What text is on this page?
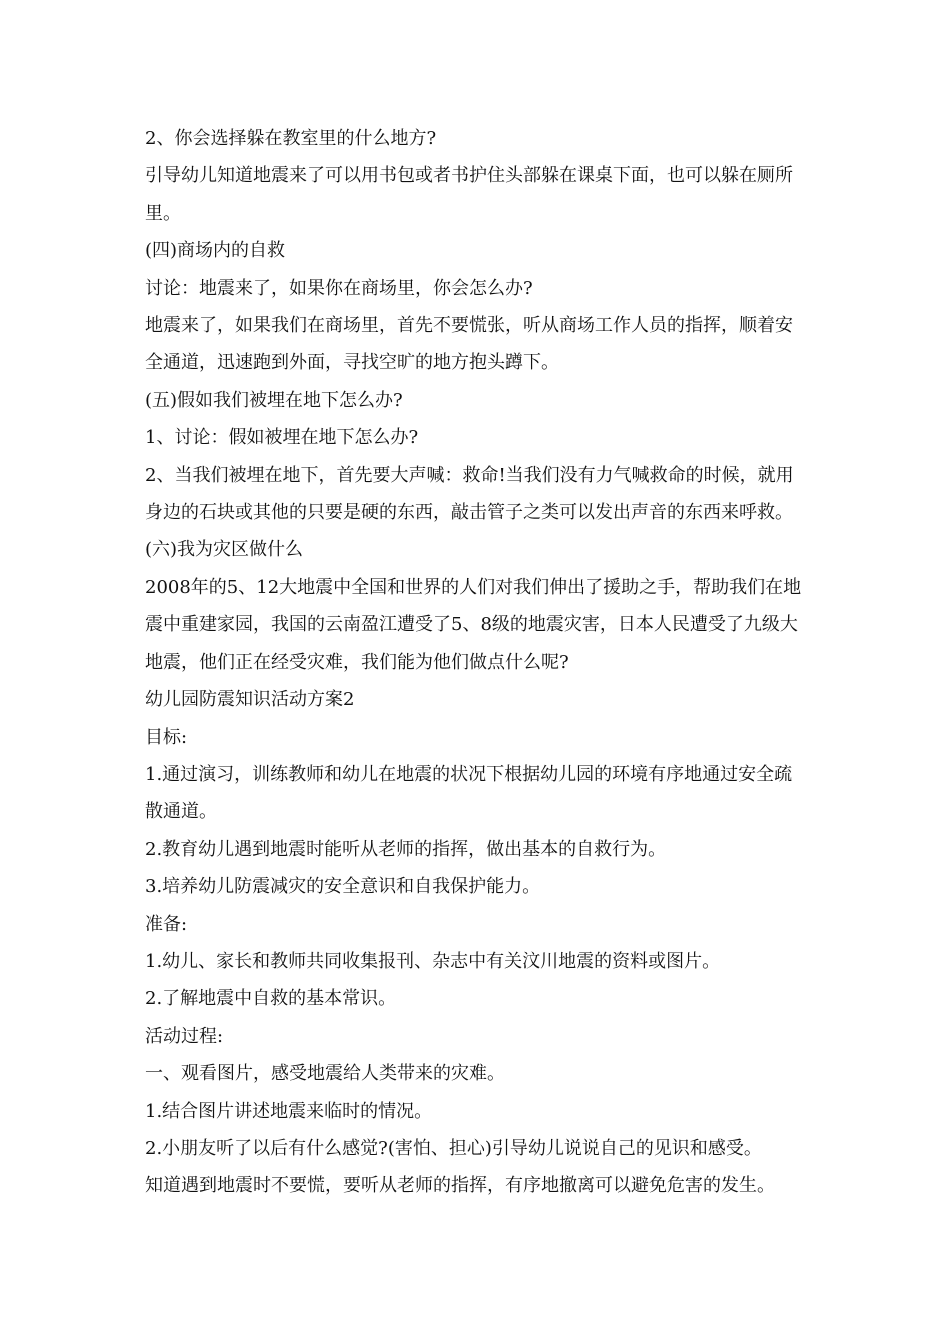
2、你会选择躲在教室里的什么地方?

引导幼儿知道地震来了可以用书包或者书护住头部躲在课桌下面，也可以躲在厕所里。

(四)商场内的自救

讨论：地震来了，如果你在商场里，你会怎么办?

地震来了，如果我们在商场里，首先不要慌张，听从商场工作人员的指挥，顺着安全通道，迅速跑到外面，寻找空旷的地方抱头蹲下。

(五)假如我们被埋在地下怎么办?

1、讨论：假如被埋在地下怎么办?

2、当我们被埋在地下，首先要大声喊：救命!当我们没有力气喊救命的时候，就用身边的石块或其他的只要是硬的东西，敲击管子之类可以发出声音的东西来呼救。

(六)我为灾区做什么

2008年的5、12大地震中全国和世界的人们对我们伸出了援助之手，帮助我们在地震中重建家园，我国的云南盈江遭受了5、8级的地震灾害，日本人民遭受了九级大地震，他们正在经受灾难，我们能为他们做点什么呢?

幼儿园防震知识活动方案2

目标:

1.通过演习，训练教师和幼儿在地震的状况下根据幼儿园的环境有序地通过安全疏散通道。

2.教育幼儿遇到地震时能听从老师的指挥，做出基本的自救行为。

3.培养幼儿防震减灾的安全意识和自我保护能力。

准备:

1.幼儿、家长和教师共同收集报刊、杂志中有关汶川地震的资料或图片。

2.了解地震中自救的基本常识。

活动过程:

一、观看图片，感受地震给人类带来的灾难。

1.结合图片讲述地震来临时的情况。

2.小朋友听了以后有什么感觉?(害怕、担心)引导幼儿说说自己的见识和感受。

知道遇到地震时不要慌，要听从老师的指挥，有序地撤离可以避免危害的发生。
